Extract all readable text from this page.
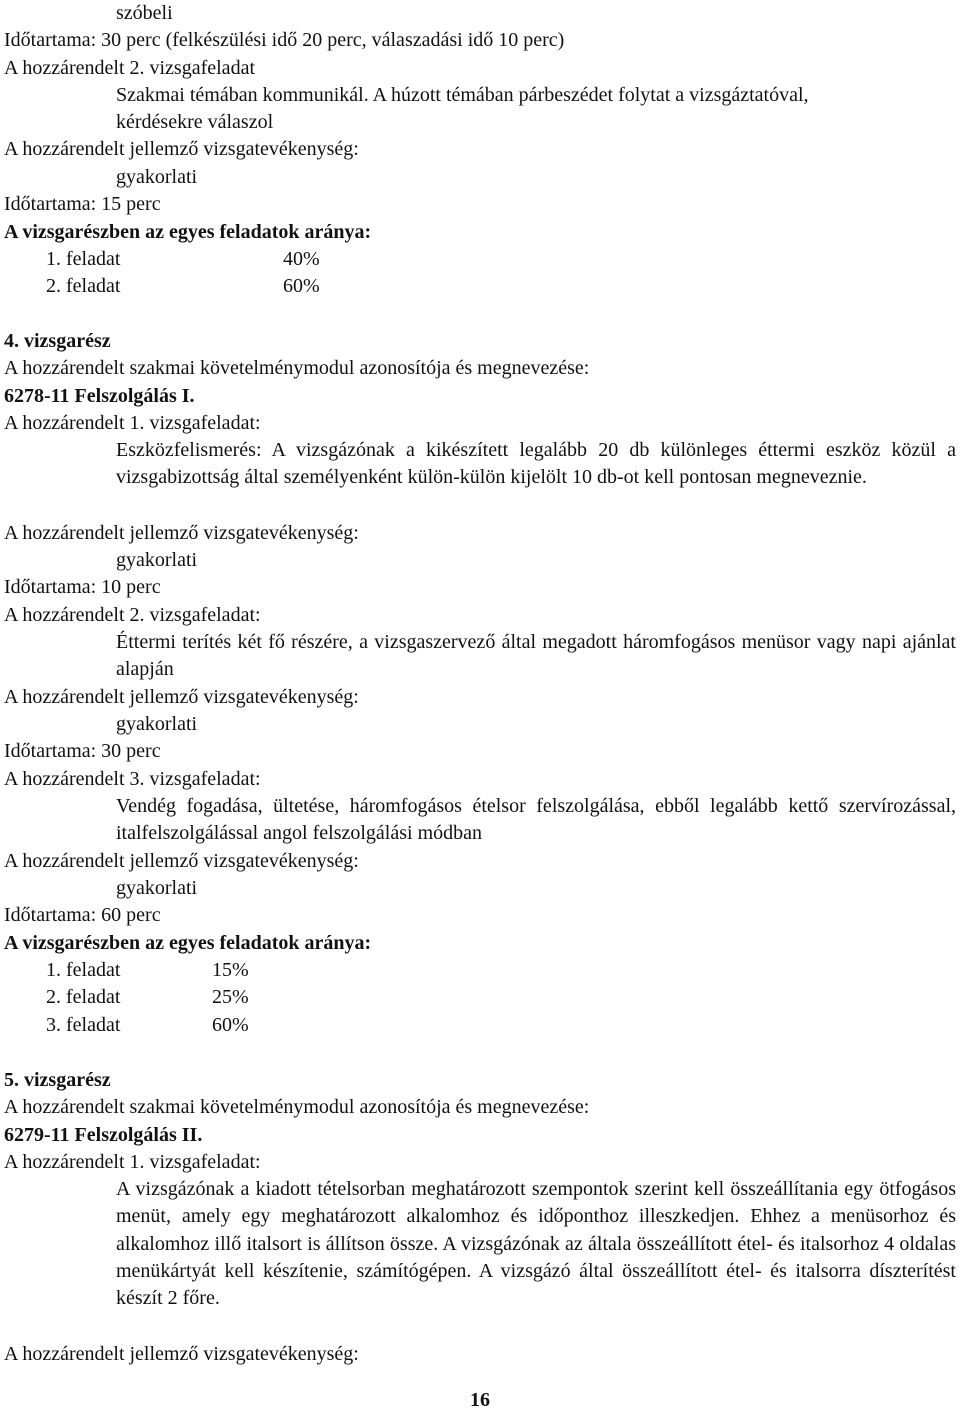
szóbeli
Időtartama: 30 perc (felkészülési idő 20 perc, válaszadási idő 10 perc)
A hozzárendelt 2. vizsgafeladat
Szakmai témában kommunikál. A húzott témában párbeszédet folytat a vizsgáztatóval,
kérdésekre válaszol
A hozzárendelt jellemző vizsgatevékenység:
gyakorlati
Időtartama: 15 perc
A vizsgarészben az egyes feladatok aránya:
1. feladat	40%
2. feladat	60%
4. vizsgarész
A hozzárendelt szakmai követelménymodul azonosítója és megnevezése:
6278-11 Felszolgálás I.
A hozzárendelt 1. vizsgafeladat:
Eszközfelismerés: A vizsgázónak a kikészített legalább 20 db különleges éttermi eszköz közül a vizsgabizottság által személyenként külön-külön kijelölt 10 db-ot kell pontosan megneveznie.
A hozzárendelt jellemző vizsgatevékenység:
gyakorlati
Időtartama: 10 perc
A hozzárendelt 2. vizsgafeladat:
Éttermi terítés két fő részére, a vizsgaszervező által megadott háromfogásos menüsor vagy napi ajánlat alapján
A hozzárendelt jellemző vizsgatevékenység:
gyakorlati
Időtartama: 30 perc
A hozzárendelt 3. vizsgafeladat:
Vendég fogadása, ültetése, háromfogásos ételsor felszolgálása, ebből legalább kettő szervírozással, italfelszolgálással angol felszolgálási módban
A hozzárendelt jellemző vizsgatevékenység:
gyakorlati
Időtartama: 60 perc
A vizsgarészben az egyes feladatok aránya:
1. feladat	15%
2. feladat	25%
3. feladat	60%
5. vizsgarész
A hozzárendelt szakmai követelménymodul azonosítója és megnevezése:
6279-11 Felszolgálás II.
A hozzárendelt 1. vizsgafeladat:
A vizsgázónak a kiadott tételsorban meghatározott szempontok szerint kell összeállítania egy ötfogásos menüt, amely egy meghatározott alkalomhoz és időponthoz illeszkedjen. Ehhez a menüsorhoz és alkalomhoz illő italsort is állítson össze. A vizsgázónak az általa összeállított étel- és italsorhoz 4 oldalas menükártyát kell készítenie, számítógépen. A vizsgázó által összeállított étel- és italsorra díszterítést készít 2 főre.
A hozzárendelt jellemző vizsgatevékenység:
16
